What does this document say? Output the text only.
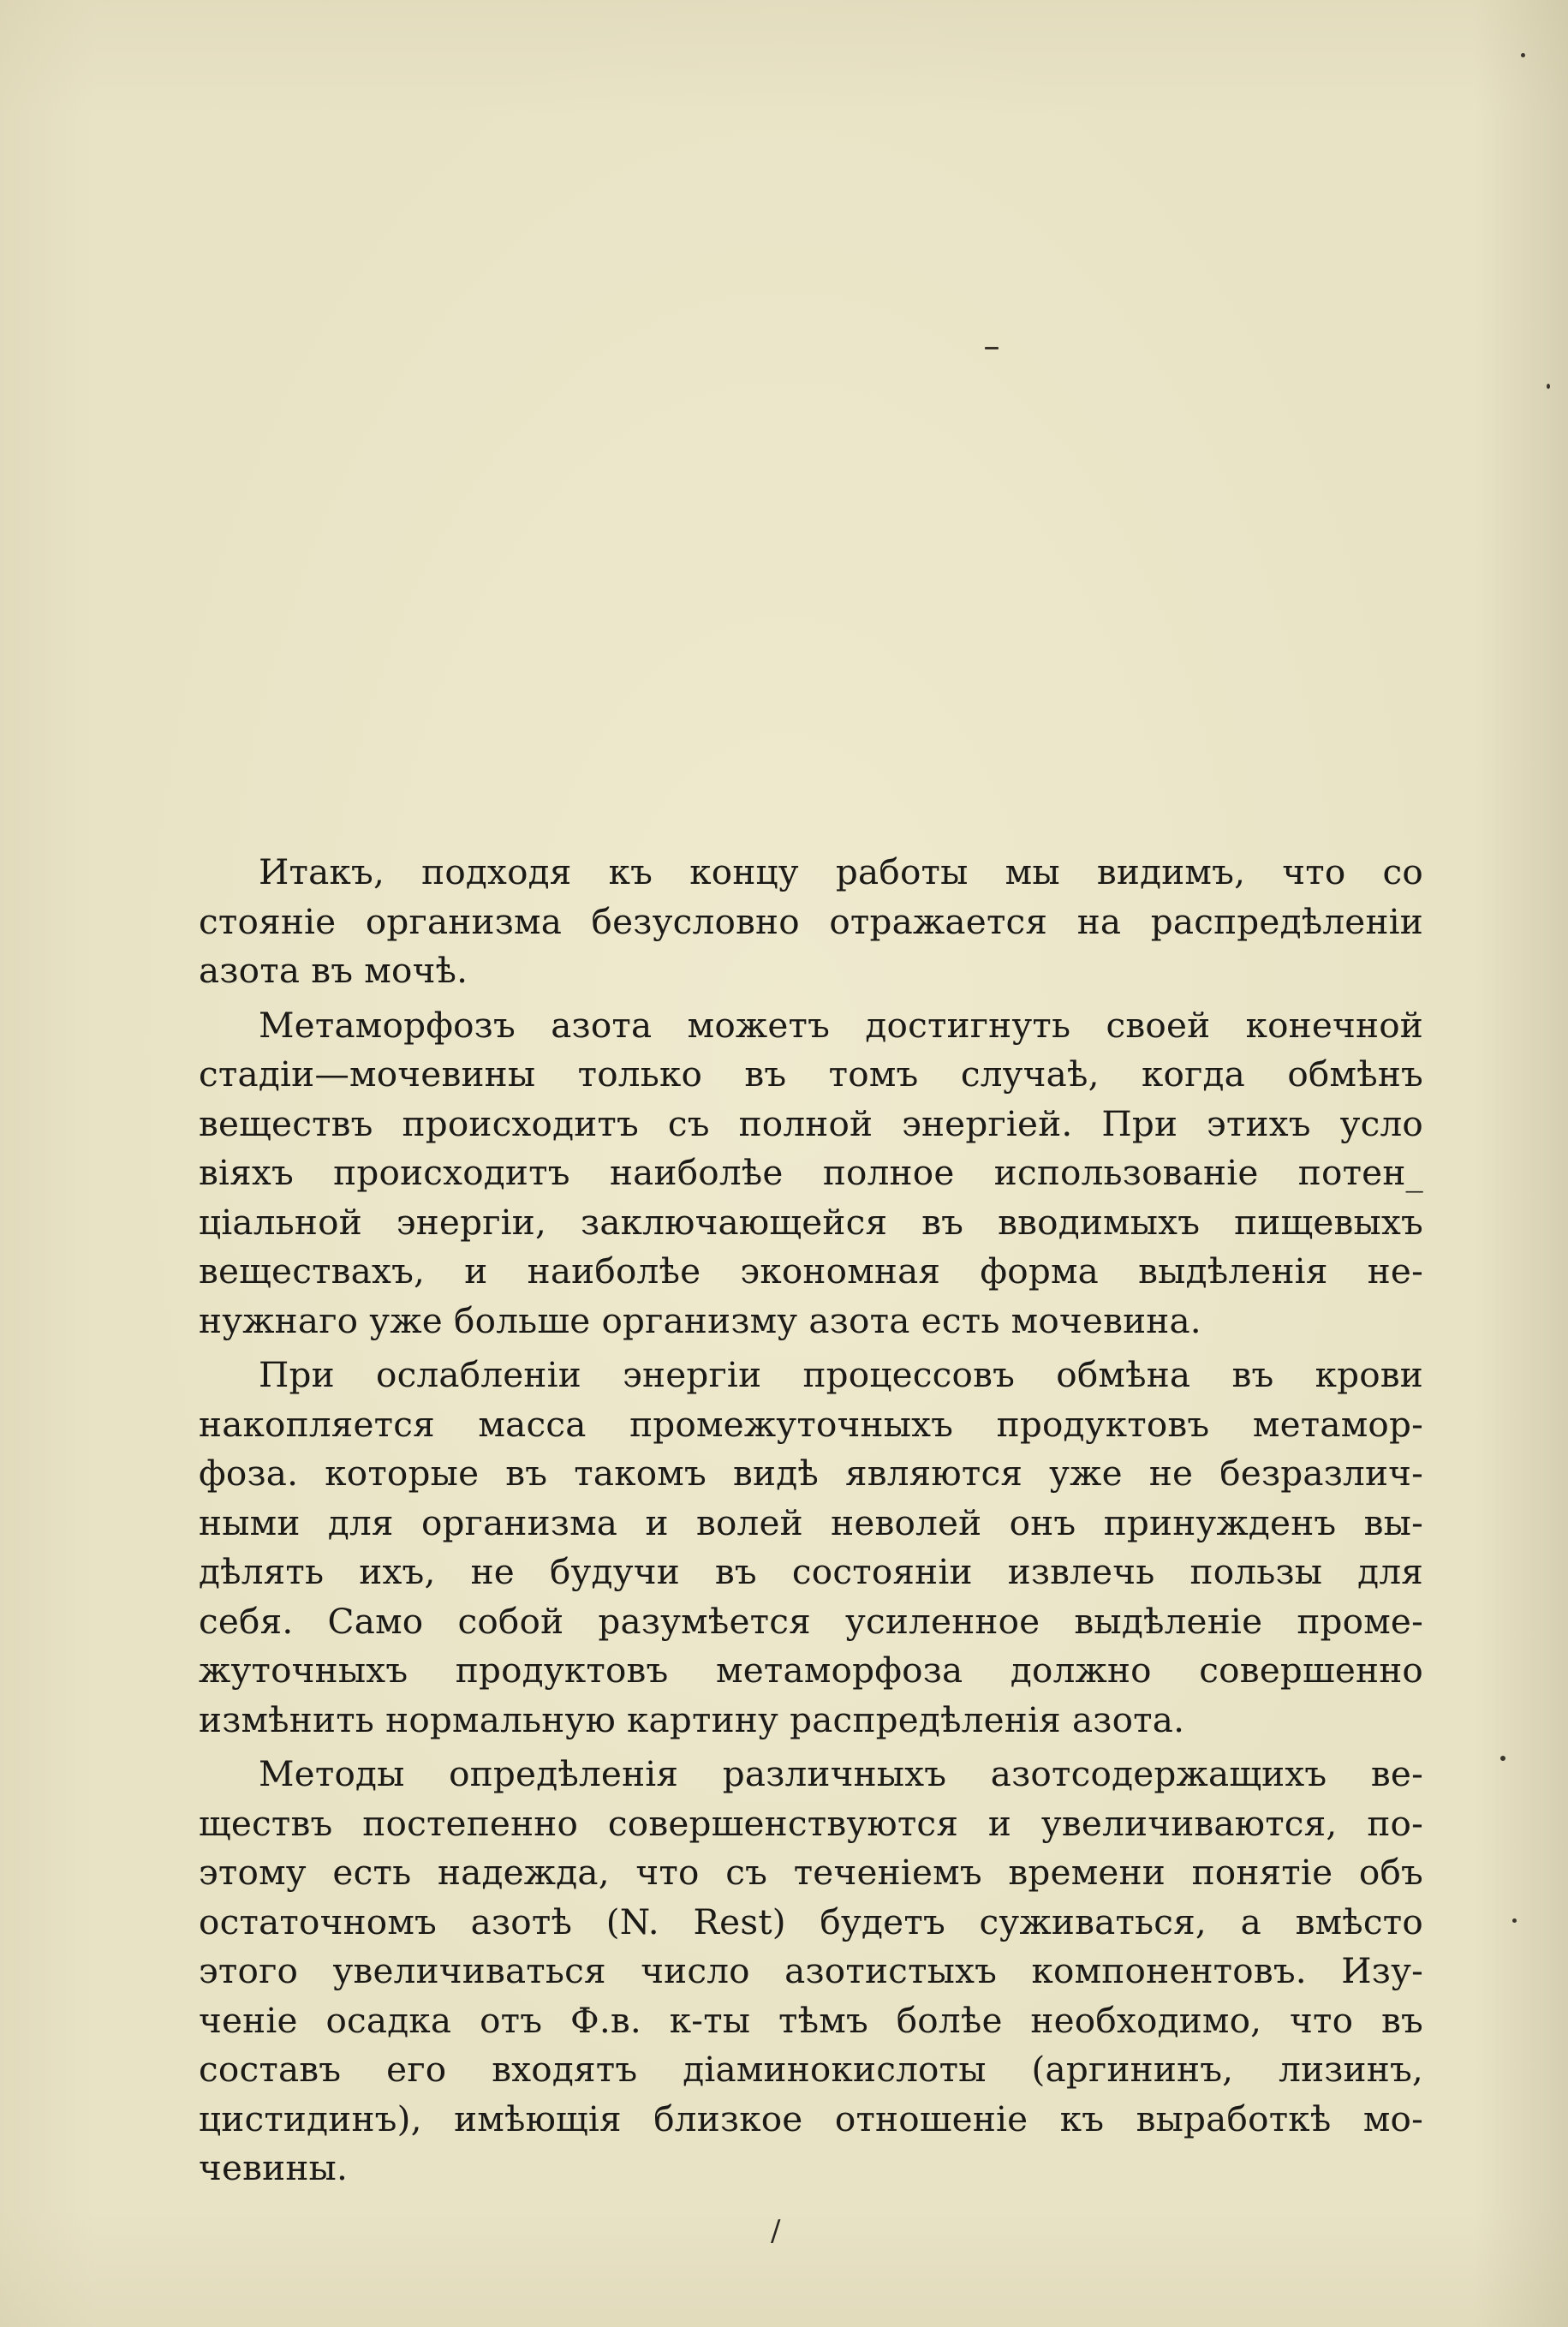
Итакъ, подходя къ концу работы мы видимъ, что со
стояніе организма безусловно отражается на распредѣленіи
азота въ мочѣ.
Метаморфозъ азота можетъ достигнуть своей конечной
стадіи—мочевины только въ томъ случаѣ, когда обмѣнъ
веществъ происходитъ съ полной энергіей. При этихъ усло
віяхъ происходитъ наиболѣе полное использованіе потен_
ціальной энергіи, заключающейся въ вводимыхъ пищевыхъ
веществахъ, и наиболѣе экономная форма выдѣленія не-
нужнаго уже больше организму азота есть мочевина.
При ослабленіи энергіи процессовъ обмѣна въ крови
накопляется масса промежуточныхъ продуктовъ метамор-
фоза. которые въ такомъ видѣ являются уже не безразлич-
ными для организма и волей неволей онъ принужденъ вы-
дѣлять ихъ, не будучи въ состояніи извлечь пользы для
себя. Само собой разумѣется усиленное выдѣленіе проме-
жуточныхъ продуктовъ метаморфоза должно совершенно
измѣнить нормальную картину распредѣленія азота.
Методы опредѣленія различныхъ азотсодержащихъ ве-
ществъ постепенно совершенствуются и увеличиваются, по-
этому есть надежда, что съ теченіемъ времени понятіе объ
остаточномъ азотѣ (N. Rest) будетъ суживаться, а вмѣсто
этого увеличиваться число азотистыхъ компонентовъ. Изу-
ченіе осадка отъ Ф.в. к-ты тѣмъ болѣе необходимо, что въ
составъ его входятъ діаминокислоты (аргининъ, лизинъ,
цистидинъ), имѣющія близкое отношеніе къ выработкѣ мо-
чевины.
/
